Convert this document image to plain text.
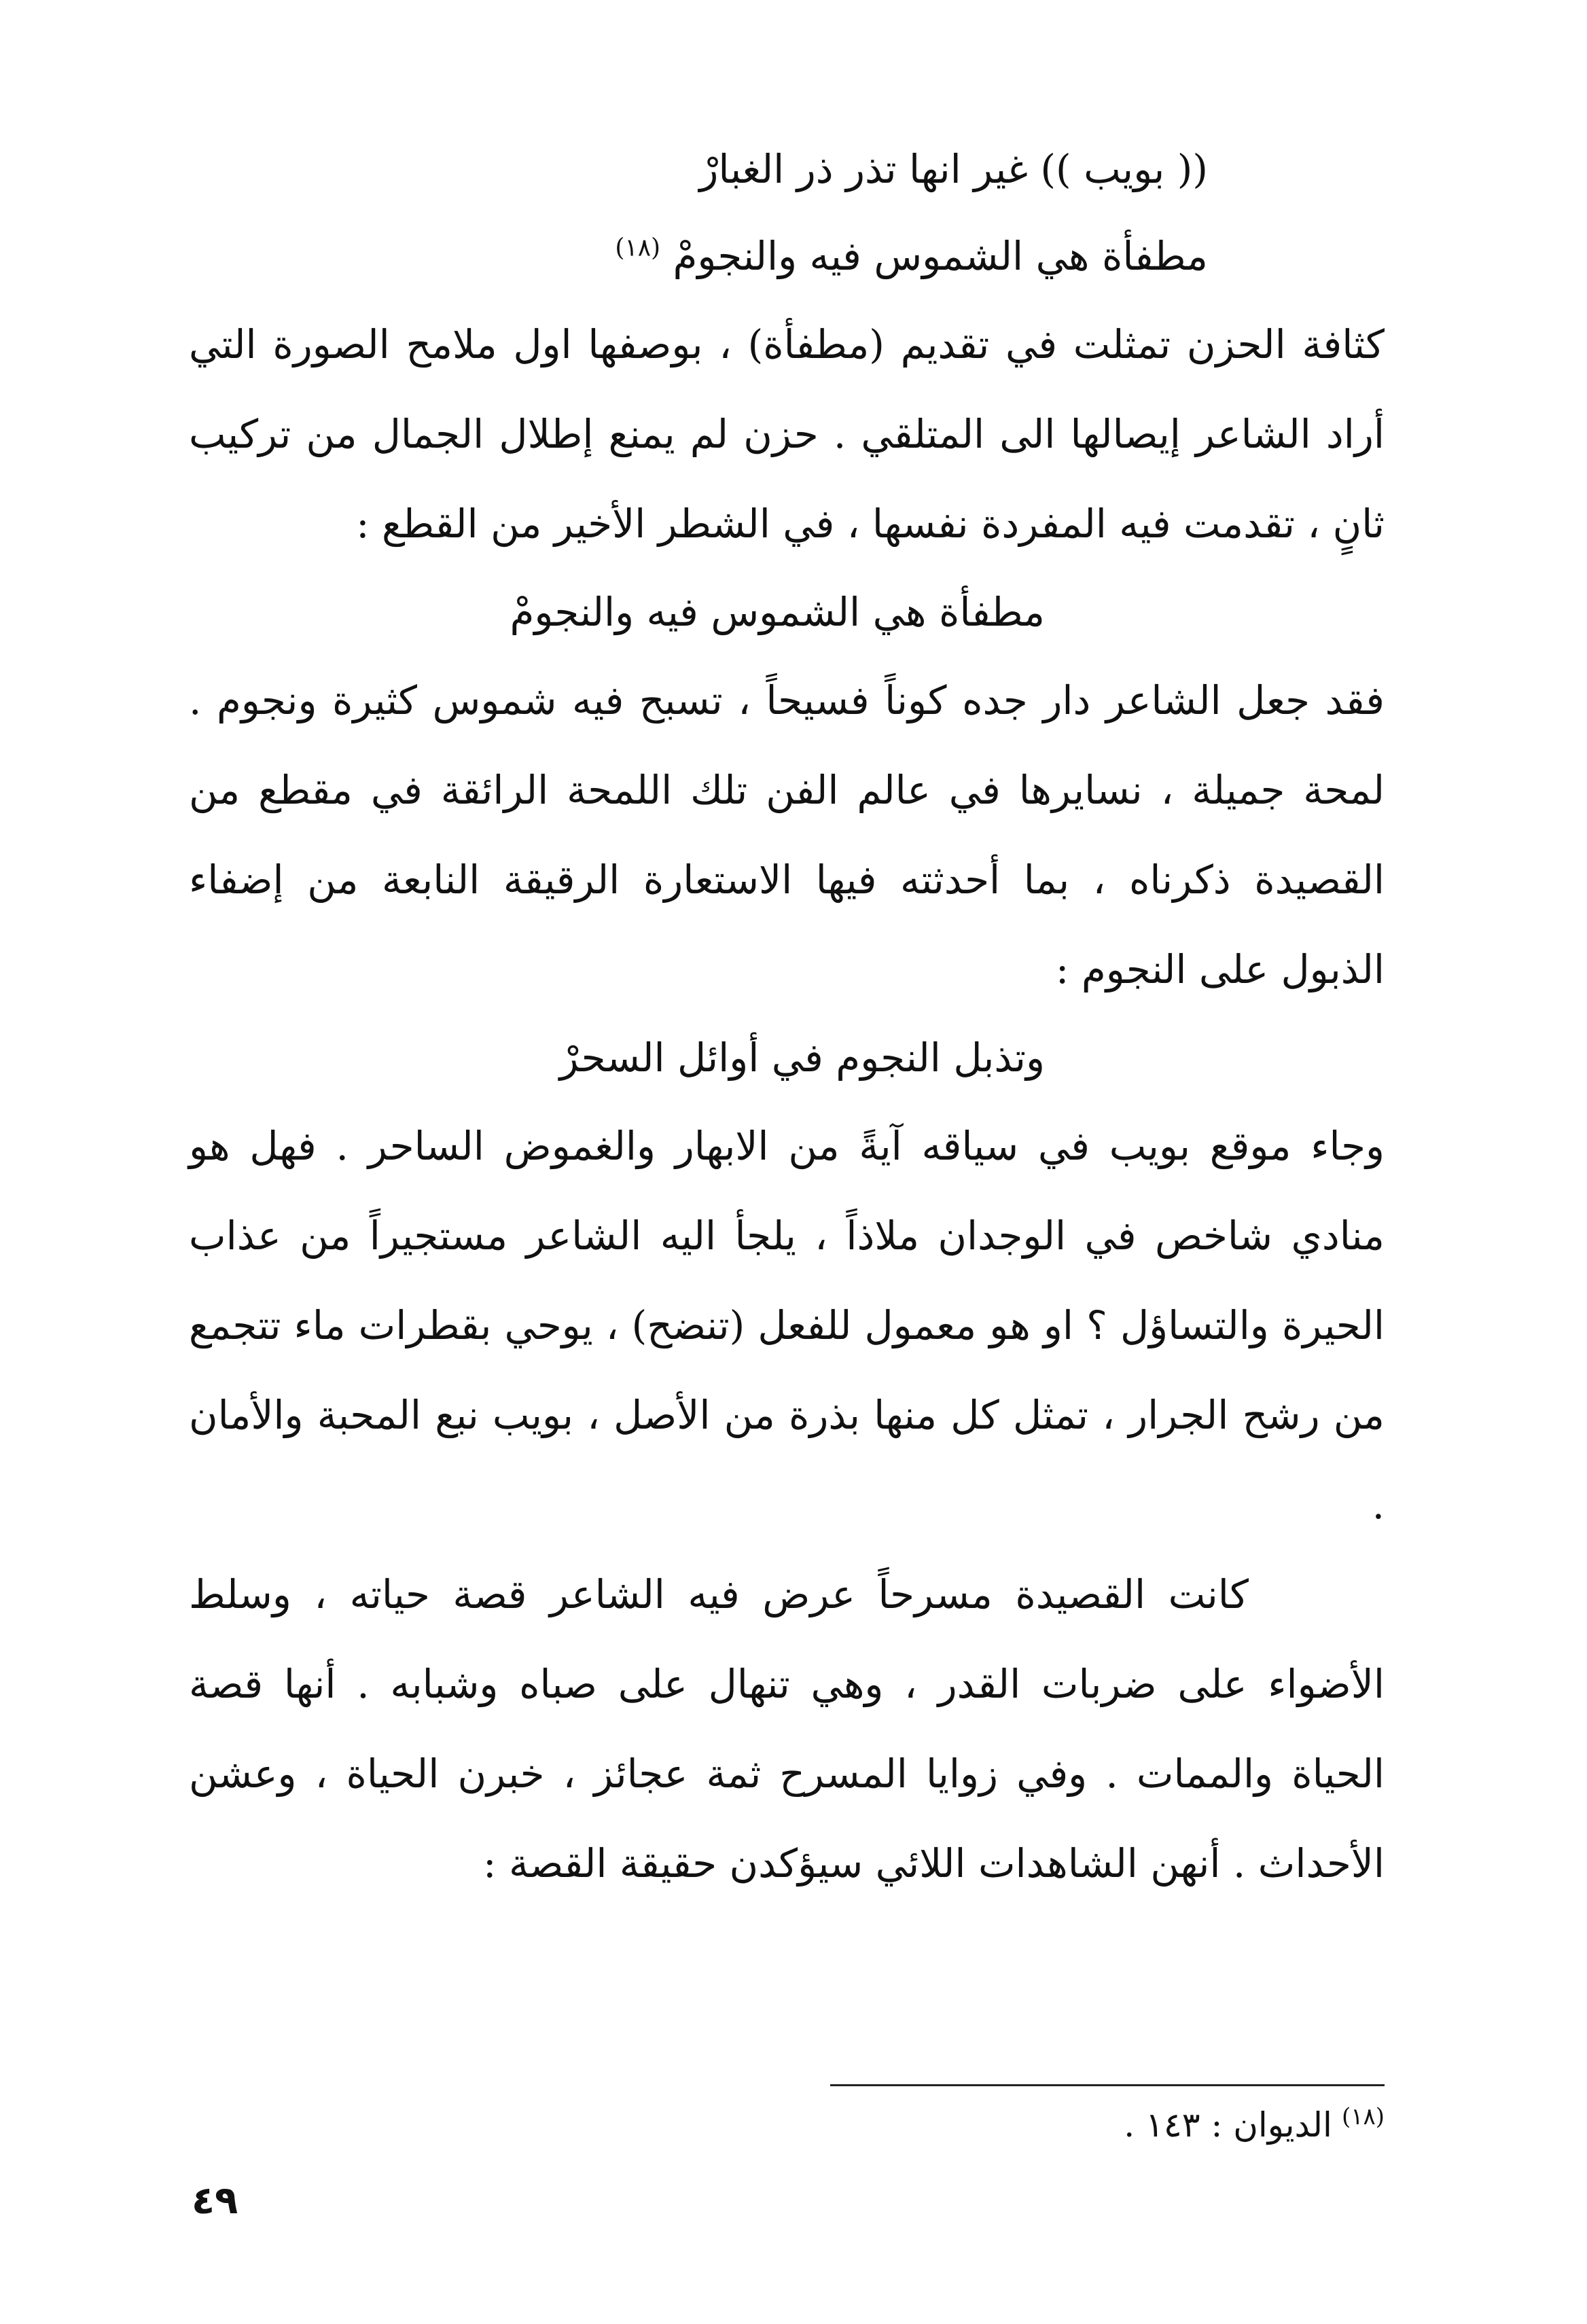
(( بويب )) غير انها تذر ذر الغبارْ
مطفأة هي الشموس فيه والنجومْ $^{(١٨)}$

كثافة الحزن تمثلت في تقديم (مطفأة) ، بوصفها اول ملامح الصورة التي أراد الشاعر إيصالها الى المتلقي . حزن لم يمنع إطلال الجمال من تركيب ثانٍ ، تقدمت فيه المفردة نفسها ، في الشطر الأخير من القطع :

مطفأة هي الشموس فيه والنجومْ

فقد جعل الشاعر دار جده كوناً فسيحاً ، تسبح فيه شموس كثيرة ونجوم . لمحة جميلة ، نسايرها في عالم الفن تلك اللمحة الرائقة في مقطع من القصيدة ذكرناه ، بما أحدثته فيها الاستعارة الرقيقة النابعة من إضفاء الذبول على النجوم :

وتذبل النجوم في أوائل السحرْ

وجاء موقع بويب في سياقه آيةً من الابهار والغموض الساحر . فهل هو منادي شاخص في الوجدان ملاذاً ، يلجأ اليه الشاعر مستجيراً من عذاب الحيرة والتساؤل ؟ او هو معمول للفعل (تنضح) ، يوحي بقطرات ماء تتجمع من رشح الجرار ، تمثل كل منها بذرة من الأصل ، بويب نبع المحبة والأمان .

كانت القصيدة مسرحاً عرض فيه الشاعر قصة حياته ، وسلط الأضواء على ضربات القدر ، وهي تنهال على صباه وشبابه . أنها قصة الحياة والممات . وفي زوايا المسرح ثمة عجائز ، خبرن الحياة ، وعشن الأحداث . أنهن الشاهدات اللائي سيؤكدن حقيقة القصة :

$^{(١٨)}$الديوان : ١٤٣ .
٤٩
